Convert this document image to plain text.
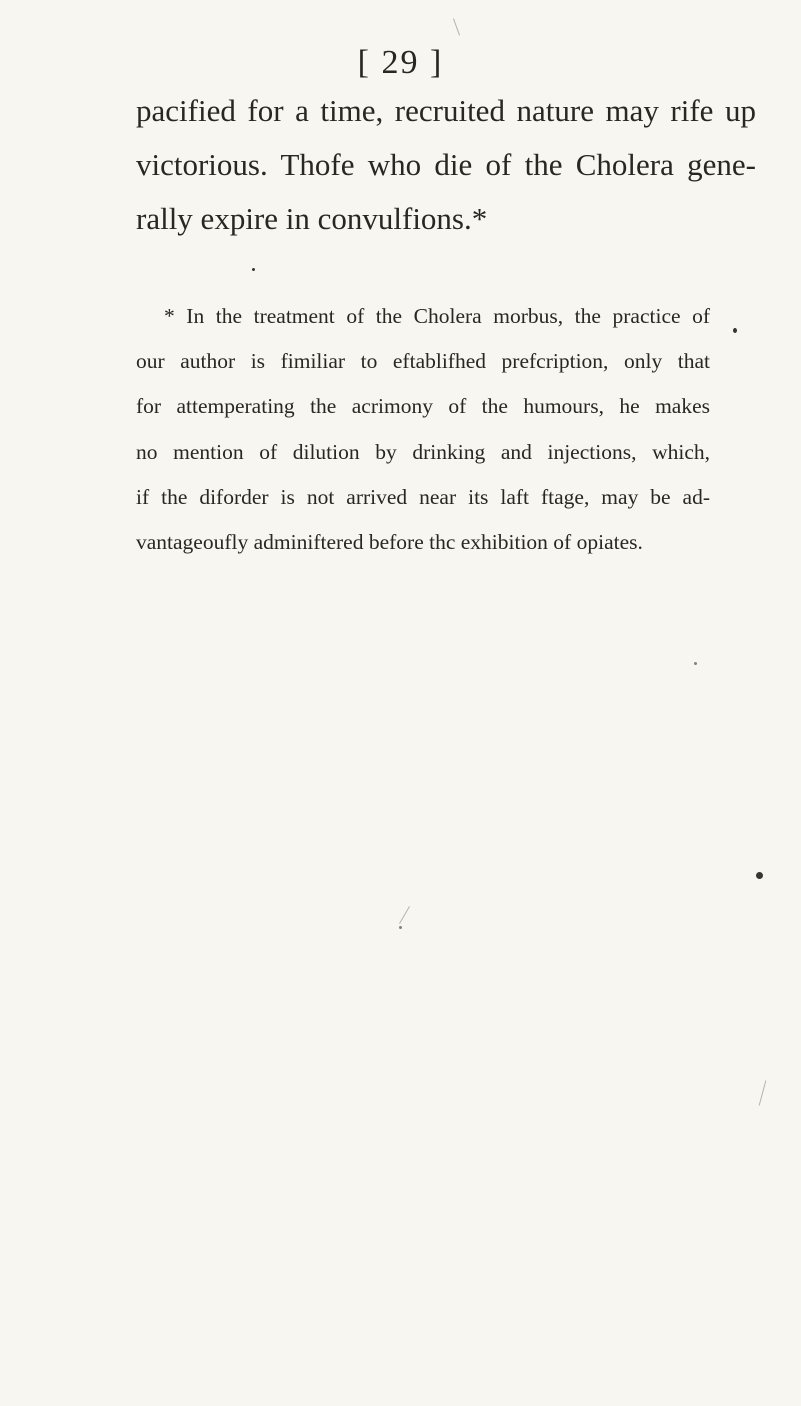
[ 29 ]
pacified for a time, recruited nature may rife up
victorious. Thofe who die of the Cholera gene-
rally expire in convulfions.*
* In the treatment of the Cholera morbus, the practice of
our author is fimiliar to eftablifhed prefcription, only that
for attemperating the acrimony of the humours, he makes
no mention of dilution by drinking and injections, which,
if the diforder is not arrived near its laft ftage, may be ad-
vantageoufly adminiftered before thc exhibition of opiates.
